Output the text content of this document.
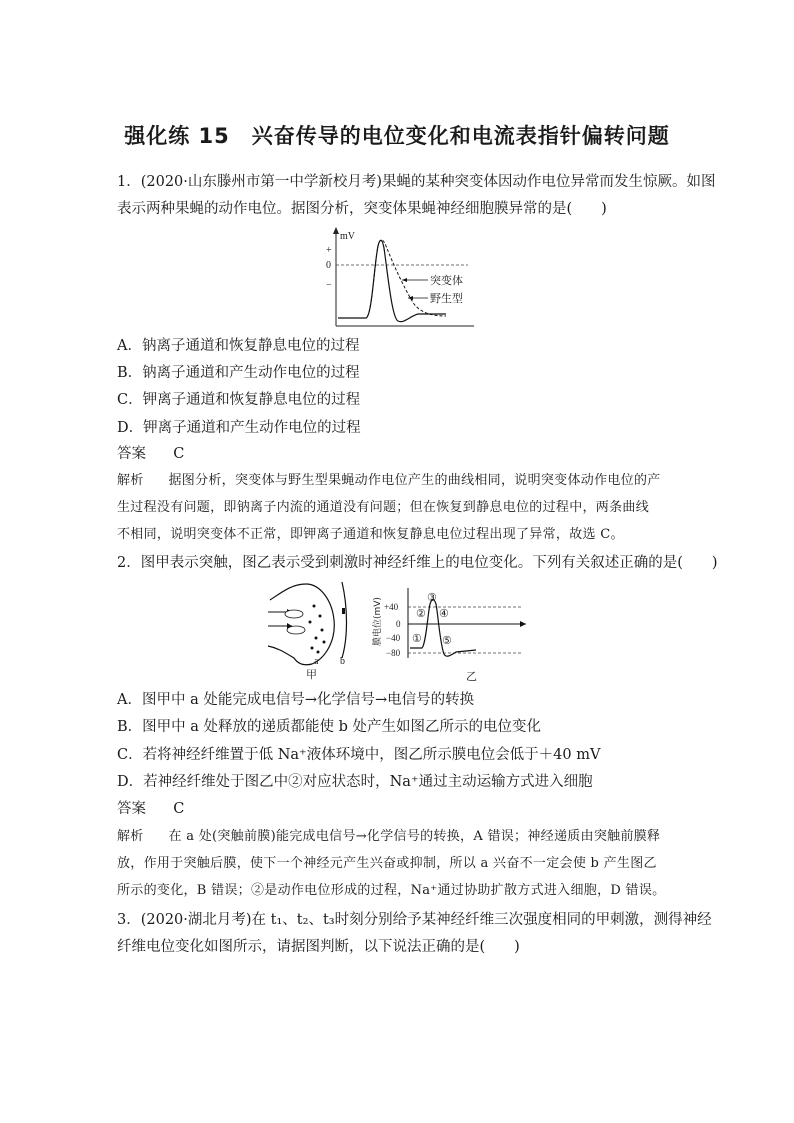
强化练 15　兴奋传导的电位变化和电流表指针偏转问题
1．(2020·山东滕州市第一中学新校月考)果蝇的某种突变体因动作电位异常而发生惊厥。如图
表示两种果蝇的动作电位。据图分析，突变体果蝇神经细胞膜异常的是(　　)
mV
+
0
−	突变体
野生型
A．钠离子通道和恢复静息电位的过程
B．钠离子通道和产生动作电位的过程
C．钾离子通道和恢复静息电位的过程
D．钾离子通道和产生动作电位的过程
答案 C
解析 据图分析，突变体与野生型果蝇动作电位产生的曲线相同，说明突变体动作电位的产
生过程没有问题，即钠离子内流的通道没有问题；但在恢复到静息电位的过程中，两条曲线
不相同，说明突变体不正常，即钾离子通道和恢复静息电位过程出现了异常，故选 C。
2．图甲表示突触，图乙表示受到刺激时神经纤维上的电位变化。下列有关叙述正确的是(　　)
a b
甲
膜电位(mV) +40
0
−40
−80
①
②
③
④
⑤
乙
A．图甲中 a 处能完成电信号→化学信号→电信号的转换
B．图甲中 a 处释放的递质都能使 b 处产生如图乙所示的电位变化
C．若将神经纤维置于低 Na⁺液体环境中，图乙所示膜电位会低于＋40 mV
D．若神经纤维处于图乙中②对应状态时，Na⁺通过主动运输方式进入细胞
答案 C
解析 在 a 处(突触前膜)能完成电信号→化学信号的转换，A 错误；神经递质由突触前膜释
放，作用于突触后膜，使下一个神经元产生兴奋或抑制，所以 a 兴奋不一定会使 b 产生图乙
所示的变化，B 错误；②是动作电位形成的过程，Na⁺通过协助扩散方式进入细胞，D 错误。
3．(2020·湖北月考)在 t₁、t₂、t₃时刻分别给予某神经纤维三次强度相同的甲刺激，测得神经
纤维电位变化如图所示，请据图判断，以下说法正确的是(　　)
